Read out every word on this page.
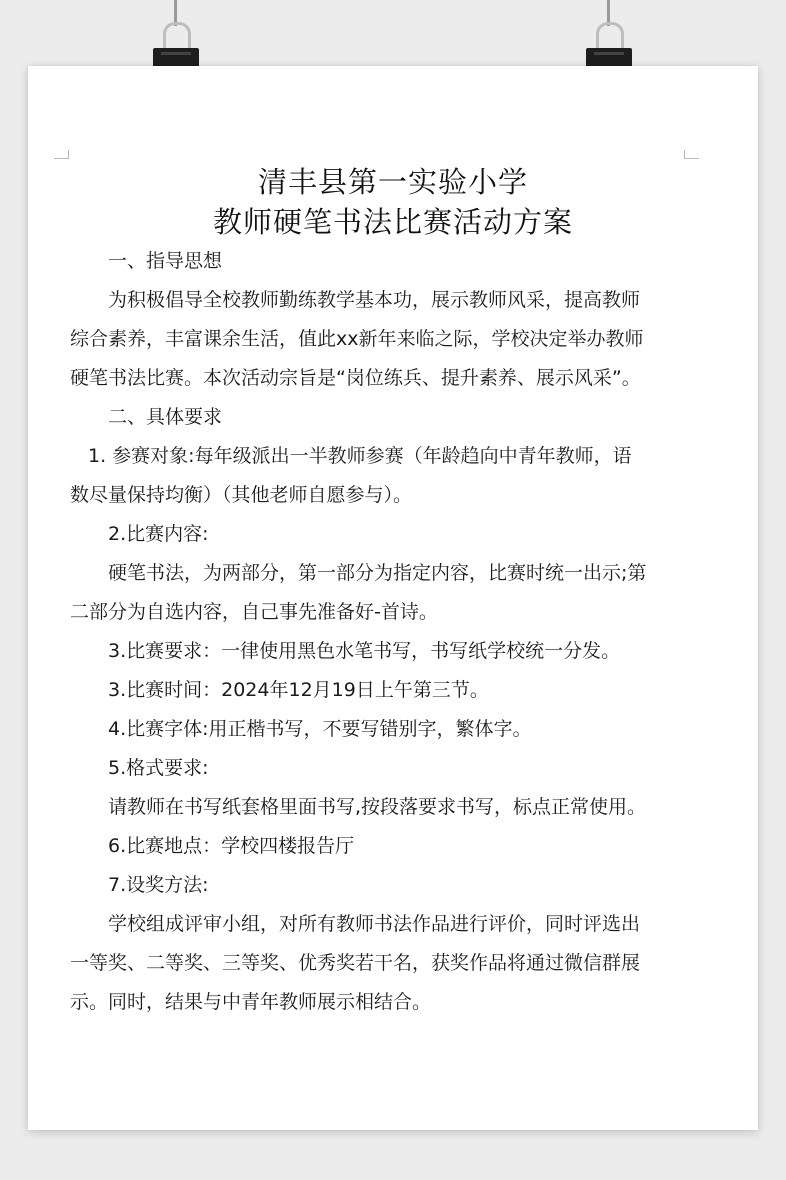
清丰县第一实验小学
教师硬笔书法比赛活动方案
一、指导思想
为积极倡导全校教师勤练教学基本功，展示教师风采，提高教师
综合素养，丰富课余生活，值此xx新年来临之际，学校决定举办教师
硬笔书法比赛。本次活动宗旨是“岗位练兵、提升素养、展示风采”。
二、具体要求
1. 参赛对象:每年级派出一半教师参赛（年龄趋向中青年教师，语
数尽量保持均衡）（其他老师自愿参与）。
2.比赛内容:
硬笔书法，为两部分，第一部分为指定内容，比赛时统一出示;第
二部分为自选内容，自己事先准备好-首诗。
3.比赛要求：一律使用黑色水笔书写，书写纸学校统一分发。
3.比赛时间：2024年12月19日上午第三节。
4.比赛字体:用正楷书写，不要写错别字，繁体字。
5.格式要求:
请教师在书写纸套格里面书写,按段落要求书写，标点正常使用。
6.比赛地点：学校四楼报告厅
7.设奖方法:
学校组成评审小组，对所有教师书法作品进行评价，同时评选出
一等奖、二等奖、三等奖、优秀奖若干名，获奖作品将通过微信群展
示。同时，结果与中青年教师展示相结合。
